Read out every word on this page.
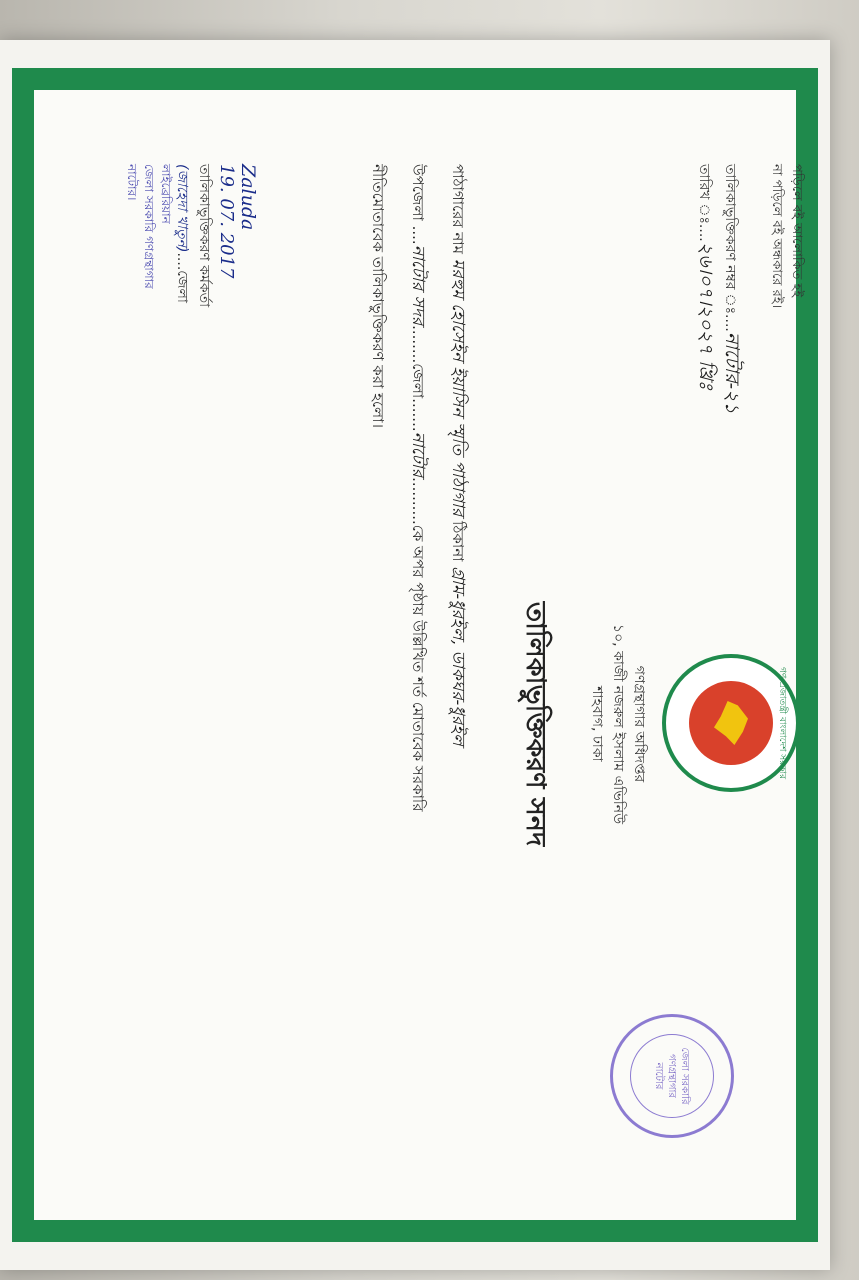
পড়িলে বই আলোকিত হই
না পড়িলে বই অন্ধকারে রই।
তালিকাভুক্তিকরণ নম্বর ঃ....নাটোর-২১
তারিখ ঃ....২৬।০৭।২০২৭ খ্রিঃ
গণ প্রজাতন্ত্রী বাংলাদেশ সরকার
গণগ্রন্থাগার অধিদপ্তর
১০, কাজী নজরুল ইসলাম এভিনিউ
শাহবাগ, ঢাকা
তালিকাভুক্তিকরণ সনদ
জেলা সরকারি গণগ্রন্থাগার
নাটোর
পাঠাগারের নাম মরহুম হোসেইন ইয়াসিন স্মৃতি পাঠাগার ঠিকানা গ্রাম-ধুরইল, ডাকঘর-ধুরইল
উপজেলা ....নাটোর সদর........জেলা.......নাটোর..........কে অপর পৃষ্ঠায় উল্লিখিত শর্ত মোতাবেক সরকারি
নীতিমোতাবেক তালিকাভুক্তিকরণ করা হলো।
Zaluda
19. 07. 2017
তালিকাভুক্তিকরণ কর্মকর্তা
(জাহেদা খাতুন)....জেলা
লাইব্রেরিয়ান
জেলা সরকারি গণগ্রন্থাগার
নাটোর।
